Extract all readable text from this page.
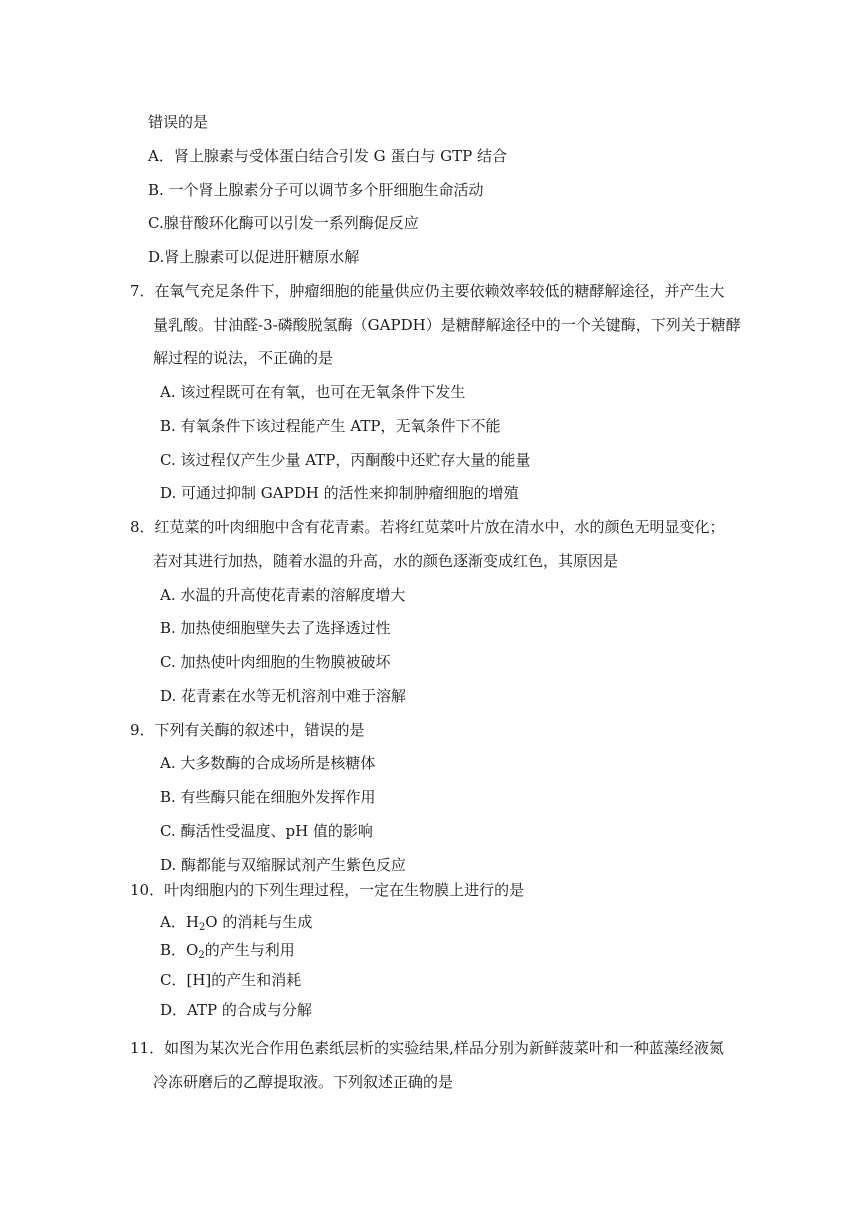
错误的是
A．肾上腺素与受体蛋白结合引发 G 蛋白与 GTP 结合
B. 一个肾上腺素分子可以调节多个肝细胞生命活动
C.腺苷酸环化酶可以引发一系列酶促反应
D.肾上腺素可以促进肝糖原水解
7．在氧气充足条件下，肿瘤细胞的能量供应仍主要依赖效率较低的糖酵解途径，并产生大
量乳酸。甘油醛-3-磷酸脱氢酶（GAPDH）是糖酵解途径中的一个关键酶，下列关于糖酵
解过程的说法，不正确的是
A. 该过程既可在有氧，也可在无氧条件下发生
B. 有氧条件下该过程能产生 ATP，无氧条件下不能
C. 该过程仅产生少量 ATP，丙酮酸中还贮存大量的能量
D. 可通过抑制 GAPDH 的活性来抑制肿瘤细胞的增殖
8．红苋菜的叶肉细胞中含有花青素。若将红苋菜叶片放在清水中，水的颜色无明显变化；
若对其进行加热，随着水温的升高，水的颜色逐渐变成红色，其原因是
A. 水温的升高使花青素的溶解度增大
B. 加热使细胞壁失去了选择透过性
C. 加热使叶肉细胞的生物膜被破坏
D. 花青素在水等无机溶剂中难于溶解
9．下列有关酶的叙述中，错误的是
A. 大多数酶的合成场所是核糖体
B. 有些酶只能在细胞外发挥作用
C. 酶活性受温度、pH 值的影响
D. 酶都能与双缩脲试剂产生紫色反应
10．叶肉细胞内的下列生理过程，一定在生物膜上进行的是
A．$H_2O$ 的消耗与生成
B．$O_2$的产生与利用
C．[H]的产生和消耗
D．ATP 的合成与分解
11．如图为某次光合作用色素纸层析的实验结果,样品分别为新鲜菠菜叶和一种蓝藻经液氮
冷冻研磨后的乙醇提取液。下列叙述正确的是
